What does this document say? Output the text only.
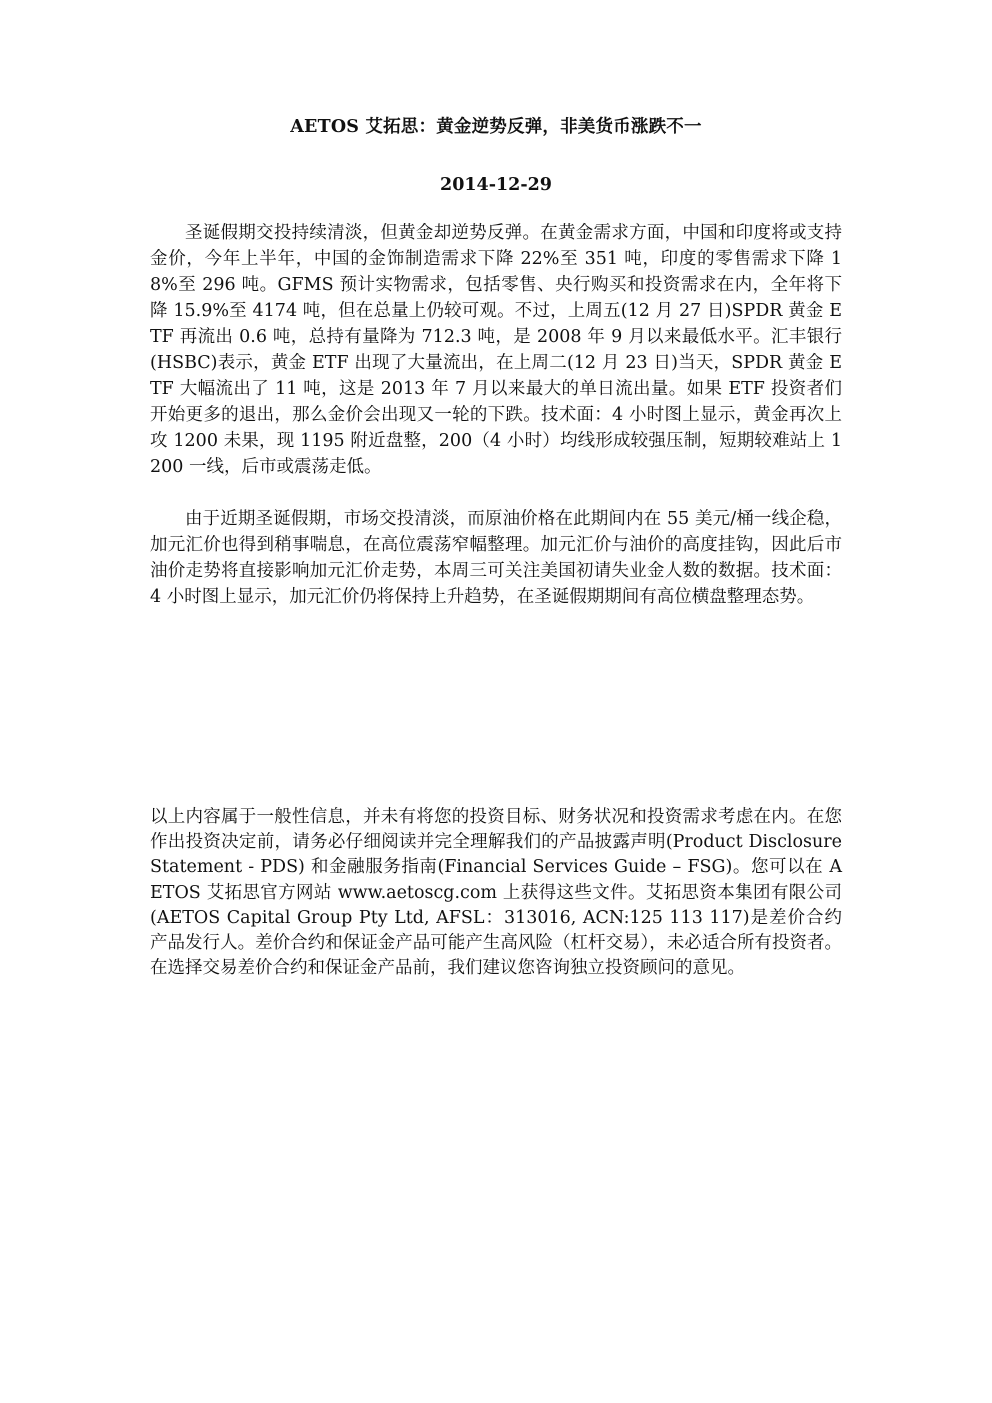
AETOS 艾拓思：黄金逆势反弹，非美货币涨跌不一

2014-12-29

圣诞假期交投持续清淡，但黄金却逆势反弹。在黄金需求方面，中国和印度将或支持金价，今年上半年，中国的金饰制造需求下降 22%至 351 吨，印度的零售需求下降 18%至 296 吨。GFMS 预计实物需求，包括零售、央行购买和投资需求在内，全年将下降 15.9%至 4174 吨，但在总量上仍较可观。不过，上周五(12 月 27 日)SPDR 黄金 ETF 再流出 0.6 吨，总持有量降为 712.3 吨，是 2008 年 9 月以来最低水平。汇丰银行(HSBC)表示，黄金 ETF 出现了大量流出，在上周二(12 月 23 日)当天，SPDR 黄金 ETF 大幅流出了 11 吨，这是 2013 年 7 月以来最大的单日流出量。如果 ETF 投资者们开始更多的退出，那么金价会出现又一轮的下跌。技术面：4 小时图上显示，黄金再次上攻 1200 未果，现 1195 附近盘整，200（4 小时）均线形成较强压制，短期较难站上 1200 一线，后市或震荡走低。

由于近期圣诞假期，市场交投清淡，而原油价格在此期间内在 55 美元/桶一线企稳，加元汇价也得到稍事喘息，在高位震荡窄幅整理。加元汇价与油价的高度挂钩，因此后市油价走势将直接影响加元汇价走势，本周三可关注美国初请失业金人数的数据。技术面：4 小时图上显示，加元汇价仍将保持上升趋势，在圣诞假期期间有高位横盘整理态势。

以上内容属于一般性信息，并未有将您的投资目标、财务状况和投资需求考虑在内。在您作出投资决定前，请务必仔细阅读并完全理解我们的产品披露声明(Product Disclosure Statement - PDS) 和金融服务指南(Financial Services Guide – FSG)。您可以在 AETOS 艾拓思官方网站 www.aetoscg.com 上获得这些文件。艾拓思资本集团有限公司(AETOS Capital Group Pty Ltd, AFSL：313016, ACN:125 113 117)是差价合约产品发行人。差价合约和保证金产品可能产生高风险（杠杆交易），未必适合所有投资者。在选择交易差价合约和保证金产品前，我们建议您咨询独立投资顾问的意见。
